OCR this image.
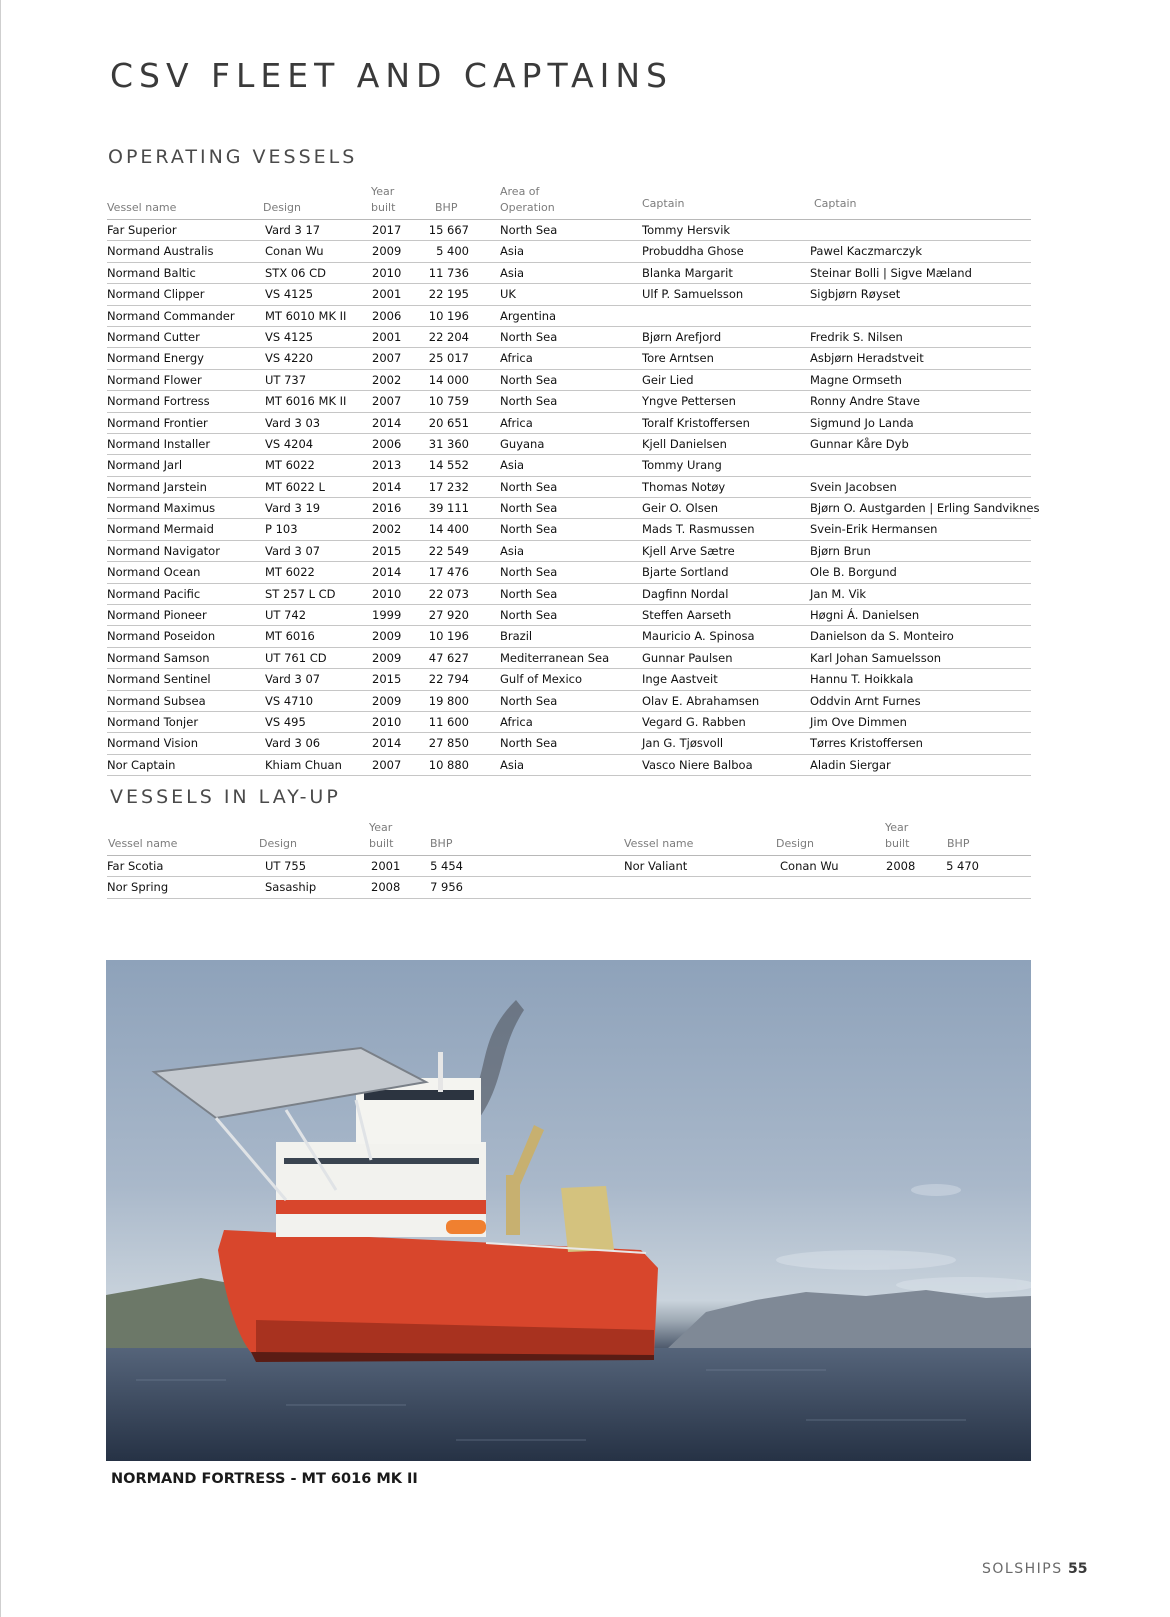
CSV FLEET AND CAPTAINS
OPERATING VESSELS
Vessel name	Design
Year
built	BHP
Area of
Operation	Captain	Captain
Far Superior	Vard 3 17	2017	15 667	North Sea	Tommy Hersvik
Normand Australis	Conan Wu	2009	5 400	Asia	Probuddha Ghose	Pawel Kaczmarczyk
Normand Baltic	STX 06 CD	2010	11 736	Asia	Blanka Margarit	Steinar Bolli | Sigve Mæland
Normand Clipper	VS 4125	2001	22 195	UK	Ulf P. Samuelsson	Sigbjørn Røyset
Normand Commander	MT 6010 MK II	2006	10 196	Argentina
Normand Cutter	VS 4125	2001	22 204	North Sea	Bjørn Arefjord	Fredrik S. Nilsen
Normand Energy	VS 4220	2007	25 017	Africa	Tore Arntsen	Asbjørn Heradstveit
Normand Flower	UT 737	2002	14 000	North Sea	Geir Lied	Magne Ormseth
Normand Fortress	MT 6016 MK II	2007	10 759	North Sea	Yngve Pettersen	Ronny Andre Stave
Normand Frontier	Vard 3 03	2014	20 651	Africa	Toralf Kristoffersen	Sigmund Jo Landa
Normand Installer	VS 4204	2006	31 360	Guyana	Kjell Danielsen	Gunnar Kåre Dyb
Normand Jarl	MT 6022	2013	14 552	Asia	Tommy Urang
Normand Jarstein	MT 6022 L	2014	17 232	North Sea	Thomas Notøy	Svein Jacobsen
Normand Maximus	Vard 3 19	2016	39 111	North Sea	Geir O. Olsen	Bjørn O. Austgarden | Erling Sandviknes
Normand Mermaid	P 103	2002	14 400	North Sea	Mads T. Rasmussen	Svein-Erik Hermansen
Normand Navigator	Vard 3 07	2015	22 549	Asia	Kjell Arve Sætre	Bjørn Brun
Normand Ocean	MT 6022	2014	17 476	North Sea	Bjarte Sortland	Ole B. Borgund
Normand Pacific	ST 257 L CD	2010	22 073	North Sea	Dagfinn Nordal	Jan M. Vik
Normand Pioneer	UT 742	1999	27 920	North Sea	Steffen Aarseth	Høgni Á. Danielsen
Normand Poseidon	MT 6016	2009	10 196	Brazil	Mauricio A. Spinosa	Danielson da S. Monteiro
Normand Samson	UT 761 CD	2009	47 627	Mediterranean Sea	Gunnar Paulsen	Karl Johan Samuelsson
Normand Sentinel	Vard 3 07	2015	22 794	Gulf of Mexico	Inge Aastveit	Hannu T. Hoikkala
Normand Subsea	VS 4710	2009	19 800	North Sea	Olav E. Abrahamsen	Oddvin Arnt Furnes
Normand Tonjer	VS 495	2010	11 600	Africa	Vegard G. Rabben	Jim Ove Dimmen
Normand Vision	Vard 3 06	2014	27 850	North Sea	Jan G. Tjøsvoll	Tørres Kristoffersen
Nor Captain	Khiam Chuan	2007	10 880	Asia	Vasco Niere Balboa	Aladin Siergar
VESSELS IN LAY-UP
Vessel name	Design
Year
built	BHP	Vessel name	Design
Year
built	BHP
Far Scotia	UT 755	2001	5 454	Nor Valiant	Conan Wu	2008	5 470
Nor Spring	Sasaship	2008	7 956

NORMAND FORTRESS - MT 6016 MK II

SOLSHIPS 55
